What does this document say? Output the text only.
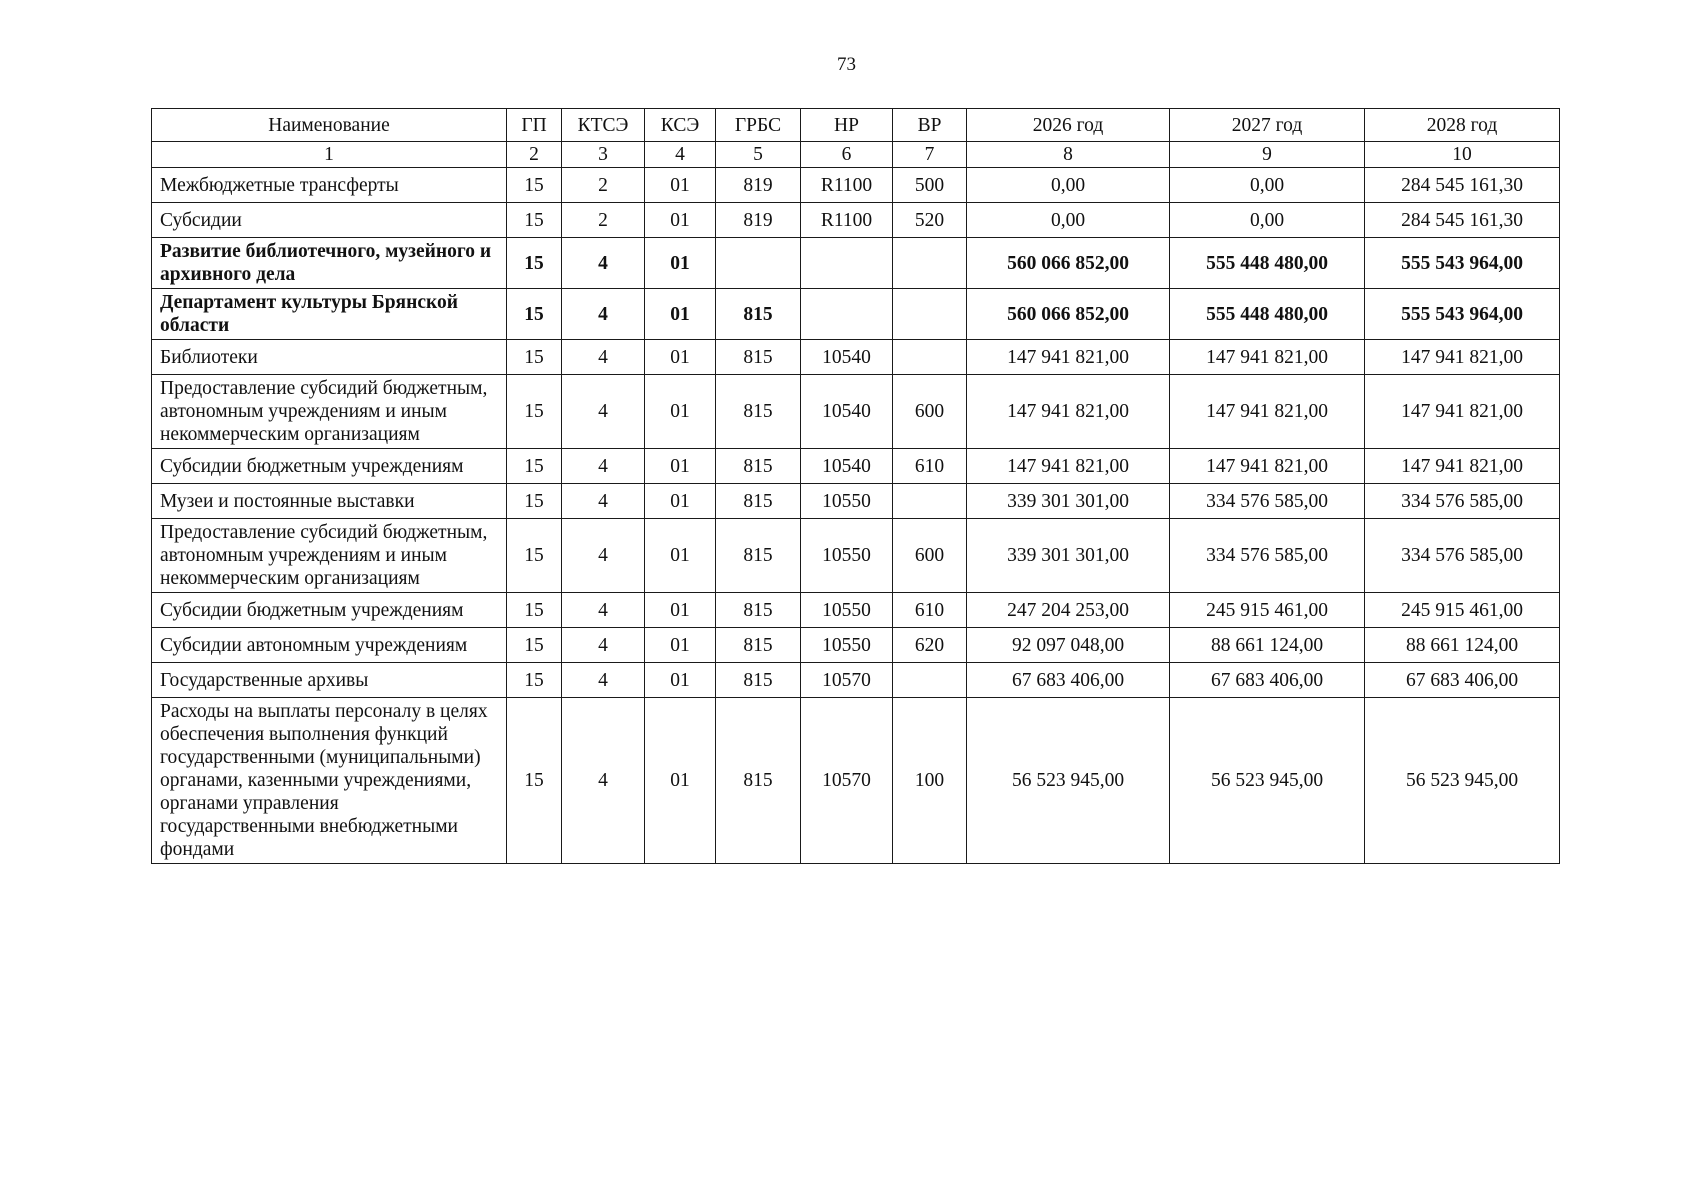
73
Наименование	ГП	КТСЭ	КСЭ	ГРБС	НР	ВР	2026 год	2027 год	2028 год
1	2	3	4	5	6	7	8	9	10
Межбюджетные трансферты	15	2	01	819	R1100	500	0,00	0,00	284 545 161,30
Субсидии	15	2	01	819	R1100	520	0,00	0,00	284 545 161,30
Развитие библиотечного, музейного и архивного дела	15	4	01				560 066 852,00	555 448 480,00	555 543 964,00
Департамент культуры Брянской области	15	4	01	815			560 066 852,00	555 448 480,00	555 543 964,00
Библиотеки	15	4	01	815	10540		147 941 821,00	147 941 821,00	147 941 821,00
Предоставление субсидий бюджетным, автономным учреждениям и иным некоммерческим организациям	15	4	01	815	10540	600	147 941 821,00	147 941 821,00	147 941 821,00
Субсидии бюджетным учреждениям	15	4	01	815	10540	610	147 941 821,00	147 941 821,00	147 941 821,00
Музеи и постоянные выставки	15	4	01	815	10550		339 301 301,00	334 576 585,00	334 576 585,00
Предоставление субсидий бюджетным, автономным учреждениям и иным некоммерческим организациям	15	4	01	815	10550	600	339 301 301,00	334 576 585,00	334 576 585,00
Субсидии бюджетным учреждениям	15	4	01	815	10550	610	247 204 253,00	245 915 461,00	245 915 461,00
Субсидии автономным учреждениям	15	4	01	815	10550	620	92 097 048,00	88 661 124,00	88 661 124,00
Государственные архивы	15	4	01	815	10570		67 683 406,00	67 683 406,00	67 683 406,00
Расходы на выплаты персоналу в целях обеспечения выполнения функций государственными (муниципальными) органами, казенными учреждениями, органами управления государственными внебюджетными фондами	15	4	01	815	10570	100	56 523 945,00	56 523 945,00	56 523 945,00
